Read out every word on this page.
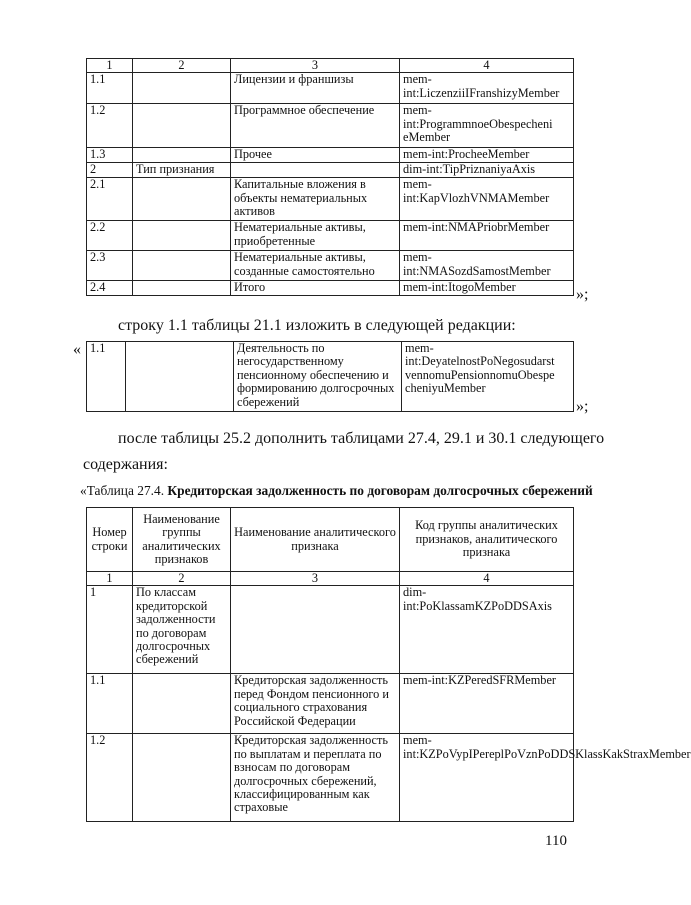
1	2	3	4
1.1		Лицензии и франшизы	mem-int:LiczenziiIFranshizyMember
1.2		Программное обеспечение	mem-int:ProgrammnoeObespecheni eMember
1.3		Прочее	mem-int:ProcheeMember
2	Тип признания		dim-int:TipPriznaniyaAxis
2.1		Капитальные вложения в объекты нематериальных активов	mem-int:KapVlozhVNMAMember
2.2		Нематериальные активы, приобретенные	mem-int:NMAPriobrMember
2.3		Нематериальные активы, созданные самостоятельно	mem-int:NMASozdSamostMember
2.4		Итого	mem-int:ItogoMember	»;
строку 1.1 таблицы 21.1 изложить в следующей редакции:
« 1.1		Деятельность по негосударственному пенсионному обеспечению и формированию долгосрочных сбережений	mem-int:DeyatelnostPoNegosudarst vennomuPensionnomuObespe cheniyuMember
»;
после таблицы 25.2 дополнить таблицами 27.4, 29.1 и 30.1 следующего
содержания:
«Таблица 27.4. Кредиторская задолженность по договорам долгосрочных сбережений
Номер строки	Наименование группы аналитических признаков	Наименование аналитического признака	Код группы аналитических признаков, аналитического признака
1	2	3	4
1	По классам кредиторской задолженности по договорам долгосрочных сбережений		dim-int:PoKlassamKZPoDDSAxis
1.1		Кредиторская задолженность перед Фондом пенсионного и социального страхования Российской Федерации	mem-int:KZPeredSFRMember
1.2		Кредиторская задолженность по выплатам и переплата по взносам по договорам долгосрочных сбережений, классифицированным как страховые	mem-int:KZPoVypIPereplPoVznPoDDSKlassKakStraxMember
110
